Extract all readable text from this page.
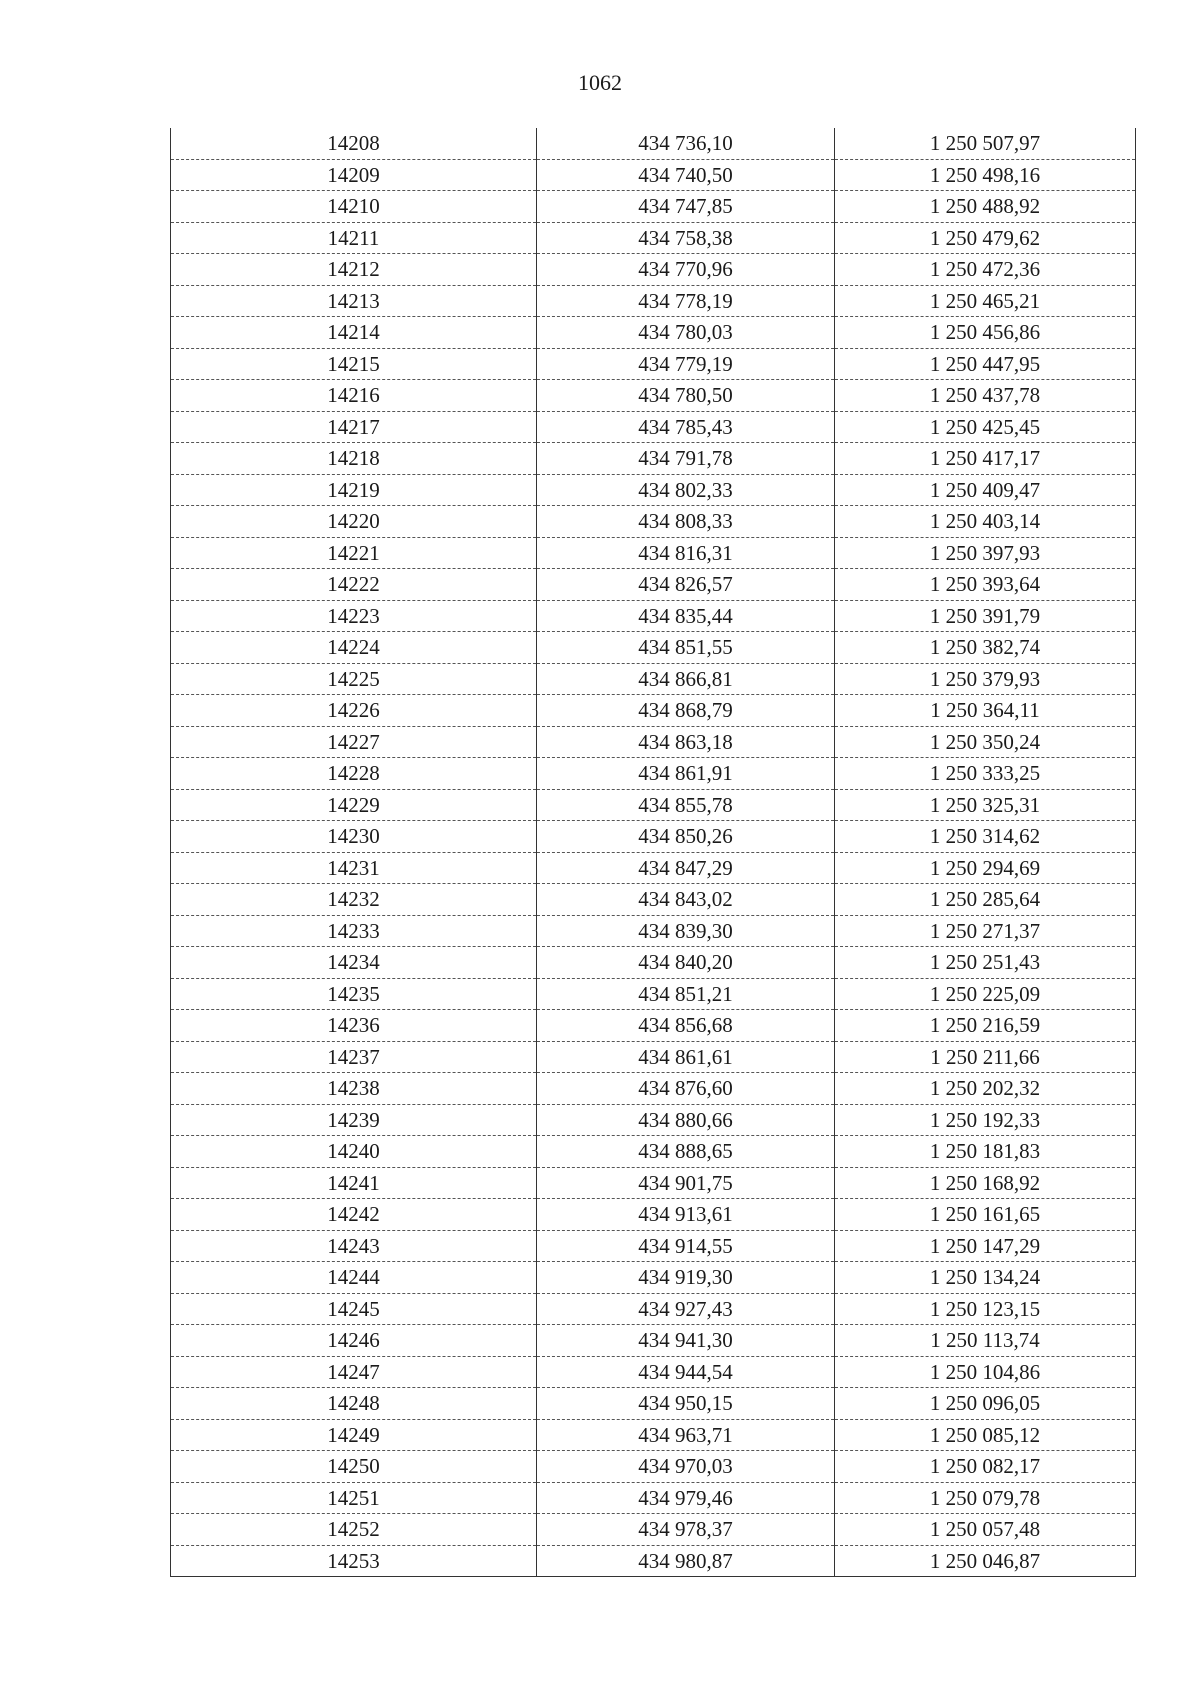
1062
14208	434 736,10	1 250 507,97
14209	434 740,50	1 250 498,16
14210	434 747,85	1 250 488,92
14211	434 758,38	1 250 479,62
14212	434 770,96	1 250 472,36
14213	434 778,19	1 250 465,21
14214	434 780,03	1 250 456,86
14215	434 779,19	1 250 447,95
14216	434 780,50	1 250 437,78
14217	434 785,43	1 250 425,45
14218	434 791,78	1 250 417,17
14219	434 802,33	1 250 409,47
14220	434 808,33	1 250 403,14
14221	434 816,31	1 250 397,93
14222	434 826,57	1 250 393,64
14223	434 835,44	1 250 391,79
14224	434 851,55	1 250 382,74
14225	434 866,81	1 250 379,93
14226	434 868,79	1 250 364,11
14227	434 863,18	1 250 350,24
14228	434 861,91	1 250 333,25
14229	434 855,78	1 250 325,31
14230	434 850,26	1 250 314,62
14231	434 847,29	1 250 294,69
14232	434 843,02	1 250 285,64
14233	434 839,30	1 250 271,37
14234	434 840,20	1 250 251,43
14235	434 851,21	1 250 225,09
14236	434 856,68	1 250 216,59
14237	434 861,61	1 250 211,66
14238	434 876,60	1 250 202,32
14239	434 880,66	1 250 192,33
14240	434 888,65	1 250 181,83
14241	434 901,75	1 250 168,92
14242	434 913,61	1 250 161,65
14243	434 914,55	1 250 147,29
14244	434 919,30	1 250 134,24
14245	434 927,43	1 250 123,15
14246	434 941,30	1 250 113,74
14247	434 944,54	1 250 104,86
14248	434 950,15	1 250 096,05
14249	434 963,71	1 250 085,12
14250	434 970,03	1 250 082,17
14251	434 979,46	1 250 079,78
14252	434 978,37	1 250 057,48
14253	434 980,87	1 250 046,87
